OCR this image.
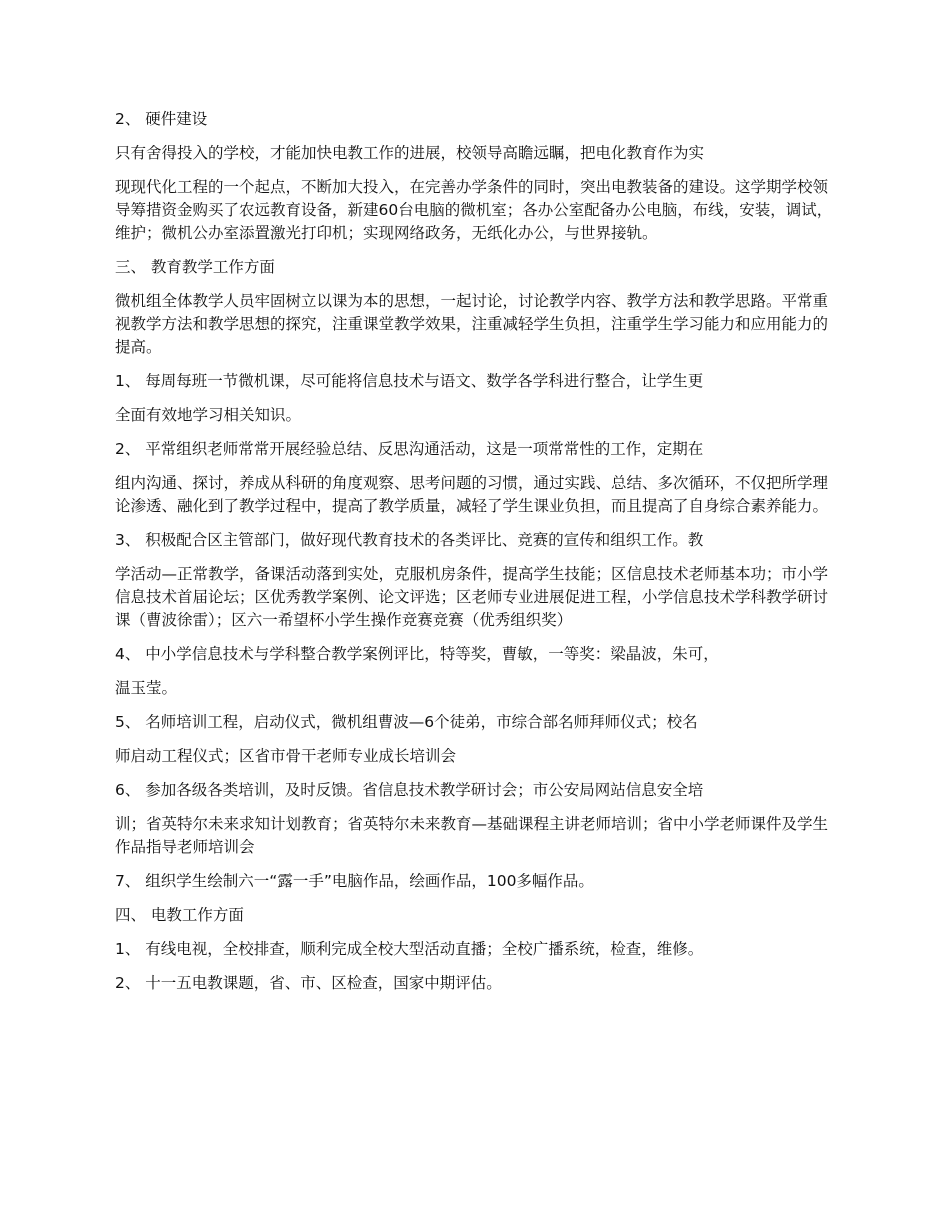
2、 硬件建设

只有舍得投入的学校，才能加快电教工作的进展，校领导高瞻远瞩，把电化教育作为实

现现代化工程的一个起点，不断加大投入，在完善办学条件的同时，突出电教装备的建设。这学期学校领导筹措资金购买了农远教育设备，新建60台电脑的微机室；各办公室配备办公电脑，布线，安装，调试，维护；微机公办室添置激光打印机；实现网络政务，无纸化办公，与世界接轨。

三、 教育教学工作方面

微机组全体教学人员牢固树立以课为本的思想，一起讨论，讨论教学内容、教学方法和教学思路。平常重视教学方法和教学思想的探究，注重课堂教学效果，注重减轻学生负担，注重学生学习能力和应用能力的提高。

1、 每周每班一节微机课，尽可能将信息技术与语文、数学各学科进行整合，让学生更

全面有效地学习相关知识。

2、 平常组织老师常常开展经验总结、反思沟通活动，这是一项常常性的工作，定期在

组内沟通、探讨，养成从科研的角度观察、思考问题的习惯，通过实践、总结、多次循环，不仅把所学理论渗透、融化到了教学过程中，提高了教学质量，减轻了学生课业负担，而且提高了自身综合素养能力。

3、 积极配合区主管部门，做好现代教育技术的各类评比、竞赛的宣传和组织工作。教

学活动—正常教学，备课活动落到实处，克服机房条件，提高学生技能；区信息技术老师基本功；市小学信息技术首届论坛；区优秀教学案例、论文评选；区老师专业进展促进工程，小学信息技术学科教学研讨课（曹波徐雷）；区六一希望杯小学生操作竞赛竞赛（优秀组织奖）

4、 中小学信息技术与学科整合教学案例评比，特等奖，曹敏，一等奖：梁晶波，朱可，

温玉莹。

5、 名师培训工程，启动仪式，微机组曹波—6个徒弟，市综合部名师拜师仪式；校名

师启动工程仪式；区省市骨干老师专业成长培训会

6、 参加各级各类培训，及时反馈。省信息技术教学研讨会；市公安局网站信息安全培

训；省英特尔未来求知计划教育；省英特尔未来教育—基础课程主讲老师培训；省中小学老师课件及学生作品指导老师培训会

7、 组织学生绘制六一“露一手”电脑作品，绘画作品，100多幅作品。

四、 电教工作方面

1、 有线电视，全校排查，顺利完成全校大型活动直播；全校广播系统，检查，维修。

2、 十一五电教课题，省、市、区检查，国家中期评估。
